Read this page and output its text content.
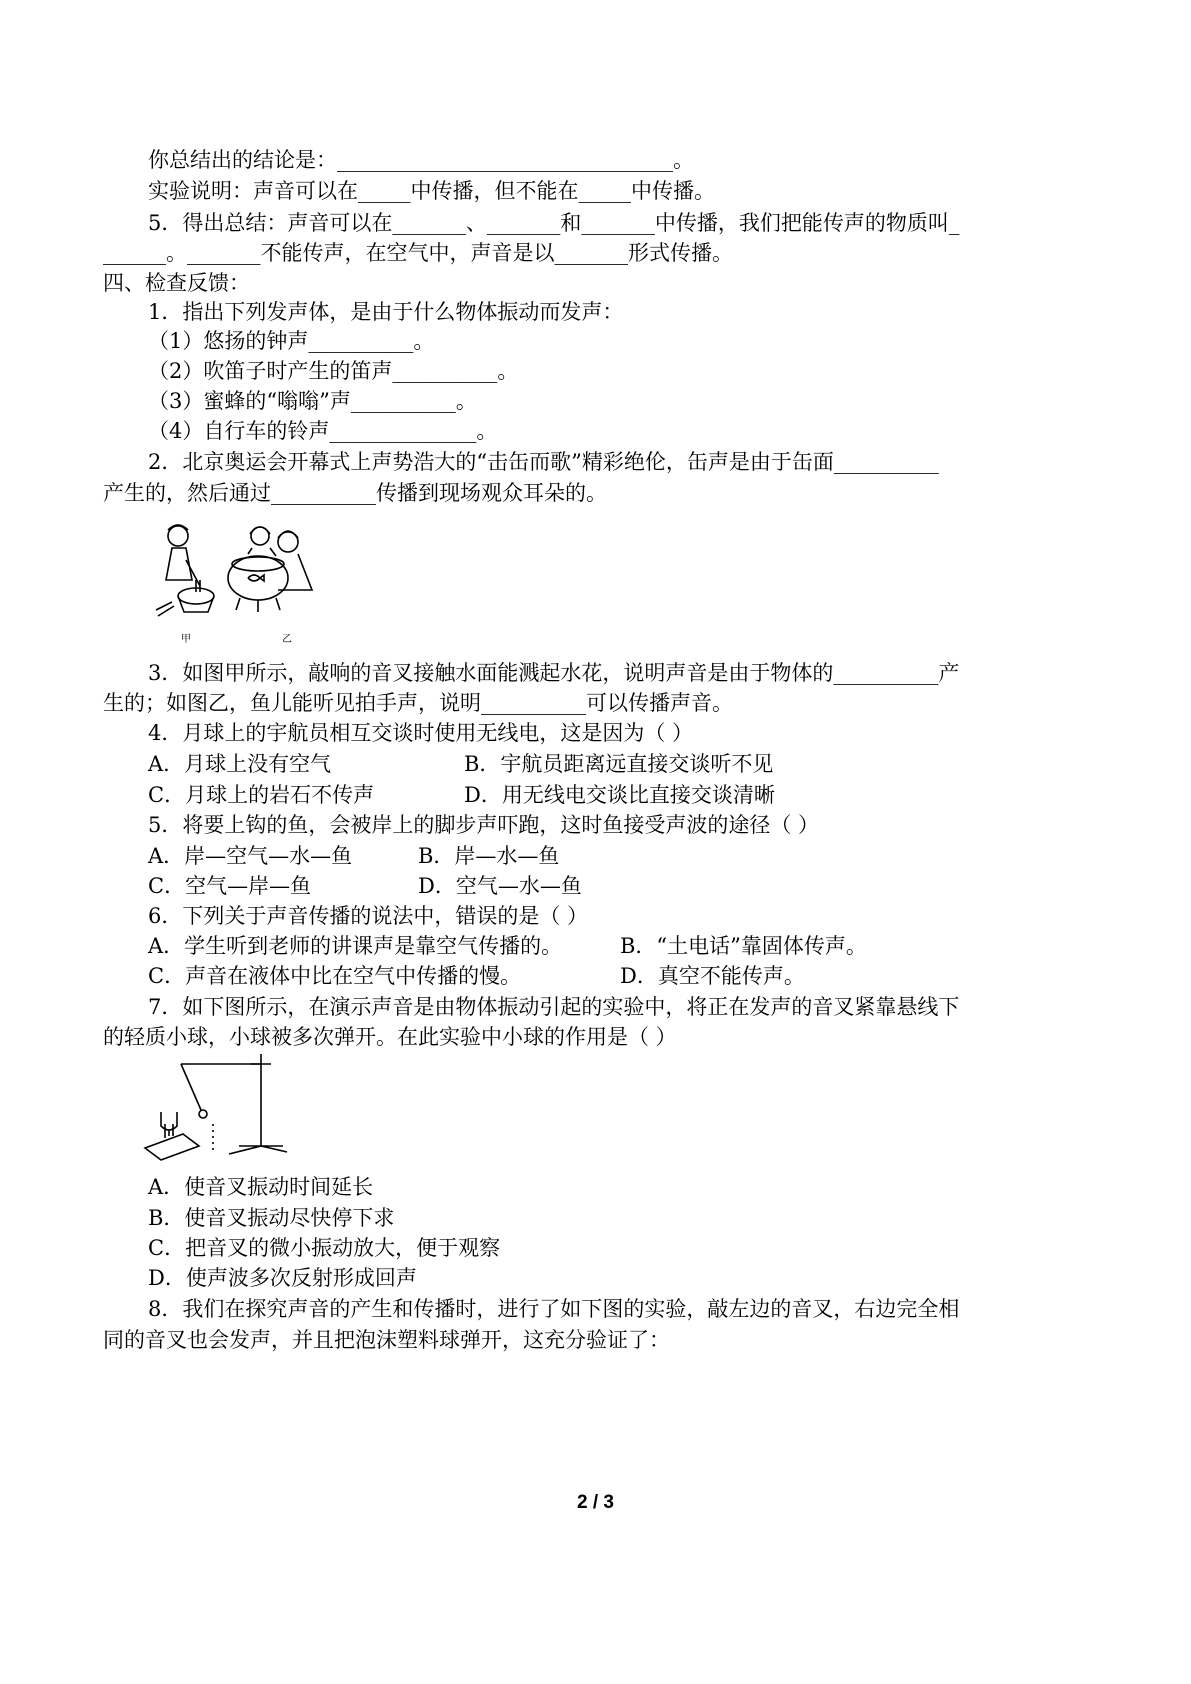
你总结出的结论是：________________________________。
实验说明：声音可以在_____中传播，但不能在_____中传播。
5．得出总结：声音可以在_______、_______和_______中传播，我们把能传声的物质叫_
______。_______不能传声，在空气中，声音是以_______形式传播。
四、检查反馈：
1．指出下列发声体，是由于什么物体振动而发声：
（1）悠扬的钟声__________。
（2）吹笛子时产生的笛声__________。
（3）蜜蜂的“嗡嗡”声__________。
（4）自行车的铃声______________。
2．北京奥运会开幕式上声势浩大的“击缶而歌”精彩绝伦，缶声是由于缶面__________
产生的，然后通过__________传播到现场观众耳朵的。
甲	乙
3．如图甲所示，敲响的音叉接触水面能溅起水花，说明声音是由于物体的__________产
生的；如图乙，鱼儿能听见拍手声，说明__________可以传播声音。
4．月球上的宇航员相互交谈时使用无线电，这是因为（ ）
A．月球上没有空气	B．宇航员距离远直接交谈听不见
C．月球上的岩石不传声	D．用无线电交谈比直接交谈清晰
5．将要上钩的鱼，会被岸上的脚步声吓跑，这时鱼接受声波的途径（ ）
A．岸—空气—水—鱼	B．岸—水—鱼
C．空气—岸—鱼	D．空气—水—鱼
6．下列关于声音传播的说法中，错误的是（ ）
A．学生听到老师的讲课声是靠空气传播的。	B．“土电话”靠固体传声。
C．声音在液体中比在空气中传播的慢。	D．真空不能传声。
7．如下图所示，在演示声音是由物体振动引起的实验中，将正在发声的音叉紧靠悬线下
的轻质小球，小球被多次弹开。在此实验中小球的作用是（ ）
A．使音叉振动时间延长
B．使音叉振动尽快停下求
C．把音叉的微小振动放大，便于观察
D．使声波多次反射形成回声
8．我们在探究声音的产生和传播时，进行了如下图的实验，敲左边的音叉，右边完全相
同的音叉也会发声，并且把泡沫塑料球弹开，这充分验证了：
2 / 3
